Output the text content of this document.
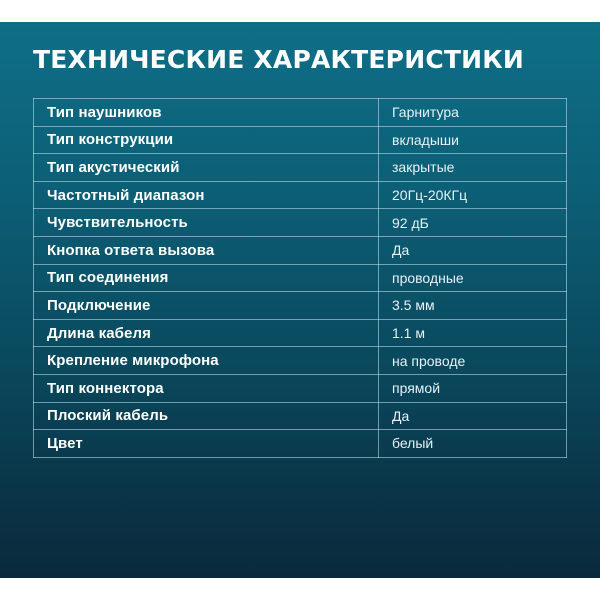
ТЕХНИЧЕСКИЕ ХАРАКТЕРИСТИКИ
Тип наушников	Гарнитура
Тип конструкции	вкладыши
Тип акустический	закрытые
Частотный диапазон	20Гц-20КГц
Чувствительность	92 дБ
Кнопка ответа вызова	Да
Тип соединения	проводные
Подключение	3.5 мм
Длина кабеля	1.1 м
Крепление микрофона	на проводе
Тип коннектора	прямой
Плоский кабель	Да
Цвет	белый
